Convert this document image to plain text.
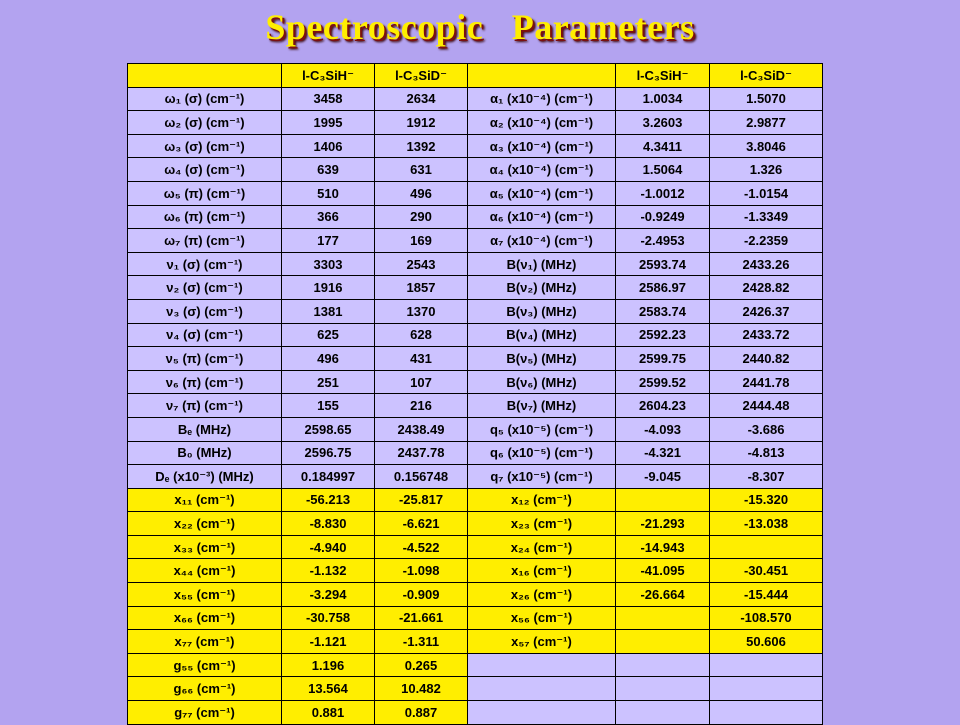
Spectroscopic   Parameters
	l-C₃SiH⁻	l-C₃SiD⁻		l-C₃SiH⁻	l-C₃SiD⁻
ω₁ (σ) (cm⁻¹)	3458	2634	α₁ (x10⁻⁴) (cm⁻¹)	1.0034	1.5070
ω₂ (σ) (cm⁻¹)	1995	1912	α₂ (x10⁻⁴) (cm⁻¹)	3.2603	2.9877
ω₃ (σ) (cm⁻¹)	1406	1392	α₃ (x10⁻⁴) (cm⁻¹)	4.3411	3.8046
ω₄ (σ) (cm⁻¹)	639	631	α₄ (x10⁻⁴) (cm⁻¹)	1.5064	1.326
ω₅ (π) (cm⁻¹)	510	496	α₅ (x10⁻⁴) (cm⁻¹)	-1.0012	-1.0154
ω₆ (π) (cm⁻¹)	366	290	α₆ (x10⁻⁴) (cm⁻¹)	-0.9249	-1.3349
ω₇ (π) (cm⁻¹)	177	169	α₇ (x10⁻⁴) (cm⁻¹)	-2.4953	-2.2359
ν₁ (σ) (cm⁻¹)	3303	2543	B(ν₁) (MHz)	2593.74	2433.26
ν₂ (σ) (cm⁻¹)	1916	1857	B(ν₂) (MHz)	2586.97	2428.82
ν₃ (σ) (cm⁻¹)	1381	1370	B(ν₃) (MHz)	2583.74	2426.37
ν₄ (σ) (cm⁻¹)	625	628	B(ν₄) (MHz)	2592.23	2433.72
ν₅ (π) (cm⁻¹)	496	431	B(ν₅) (MHz)	2599.75	2440.82
ν₆ (π) (cm⁻¹)	251	107	B(ν₆) (MHz)	2599.52	2441.78
ν₇ (π) (cm⁻¹)	155	216	B(ν₇) (MHz)	2604.23	2444.48
Bₑ (MHz)	2598.65	2438.49	q₅ (x10⁻⁵) (cm⁻¹)	-4.093	-3.686
B₀ (MHz)	2596.75	2437.78	q₆ (x10⁻⁵) (cm⁻¹)	-4.321	-4.813
Dₑ (x10⁻³) (MHz)	0.184997	0.156748	q₇ (x10⁻⁵) (cm⁻¹)	-9.045	-8.307
x₁₁ (cm⁻¹)	-56.213	-25.817	x₁₂ (cm⁻¹)		-15.320
x₂₂ (cm⁻¹)	-8.830	-6.621	x₂₃ (cm⁻¹)	-21.293	-13.038
x₃₃ (cm⁻¹)	-4.940	-4.522	x₂₄ (cm⁻¹)	-14.943	
x₄₄ (cm⁻¹)	-1.132	-1.098	x₁₆ (cm⁻¹)	-41.095	-30.451
x₅₅ (cm⁻¹)	-3.294	-0.909	x₂₆ (cm⁻¹)	-26.664	-15.444
x₆₆ (cm⁻¹)	-30.758	-21.661	x₅₆ (cm⁻¹)		-108.570
x₇₇ (cm⁻¹)	-1.121	-1.311	x₅₇ (cm⁻¹)		50.606
g₅₅ (cm⁻¹)	1.196	0.265			
g₆₆ (cm⁻¹)	13.564	10.482			
g₇₇ (cm⁻¹)	0.881	0.887			
